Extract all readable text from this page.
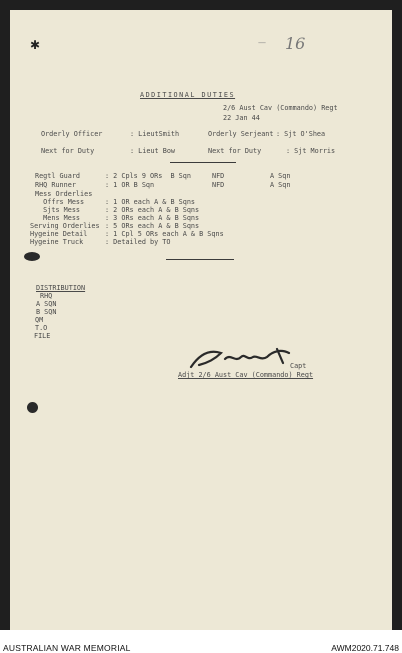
✱	16
—
ADDITIONAL DUTIES
2/6 Aust Cav (Commando) Regt
22 Jan 44
Orderly Officer	: LieutSmith	Orderly Serjeant : Sjt O'Shea
Next for Duty	: Lieut Bow	Next for Duty	: Sjt Morris
Regtl Guard	: 2 Cpls 9 ORs  B Sqn	NFD	A Sqn
RHQ Runner	: 1 OR B Sqn	NFD	A Sqn
Mess Orderlies
Offrs Mess	: 1 OR each A & B Sqns
Sjts Mess	: 2 ORs each A & B Sqns
Mens Mess	: 3 ORs each A & B Sqns
Serving Orderlies : 5 ORs each A & B Sqns
Hygeine Detail	: 1 Cpl 5 ORs each A & B Sqns
Hygeine Truck	: Detailed by TO
DISTRIBUTION
RHQ
A SQN
B SQN
QM
T.O
FILE
Capt
Adjt 2/6 Aust Cav (Commando) Regt
AUSTRALIAN WAR MEMORIAL	AWM2020.71.748
